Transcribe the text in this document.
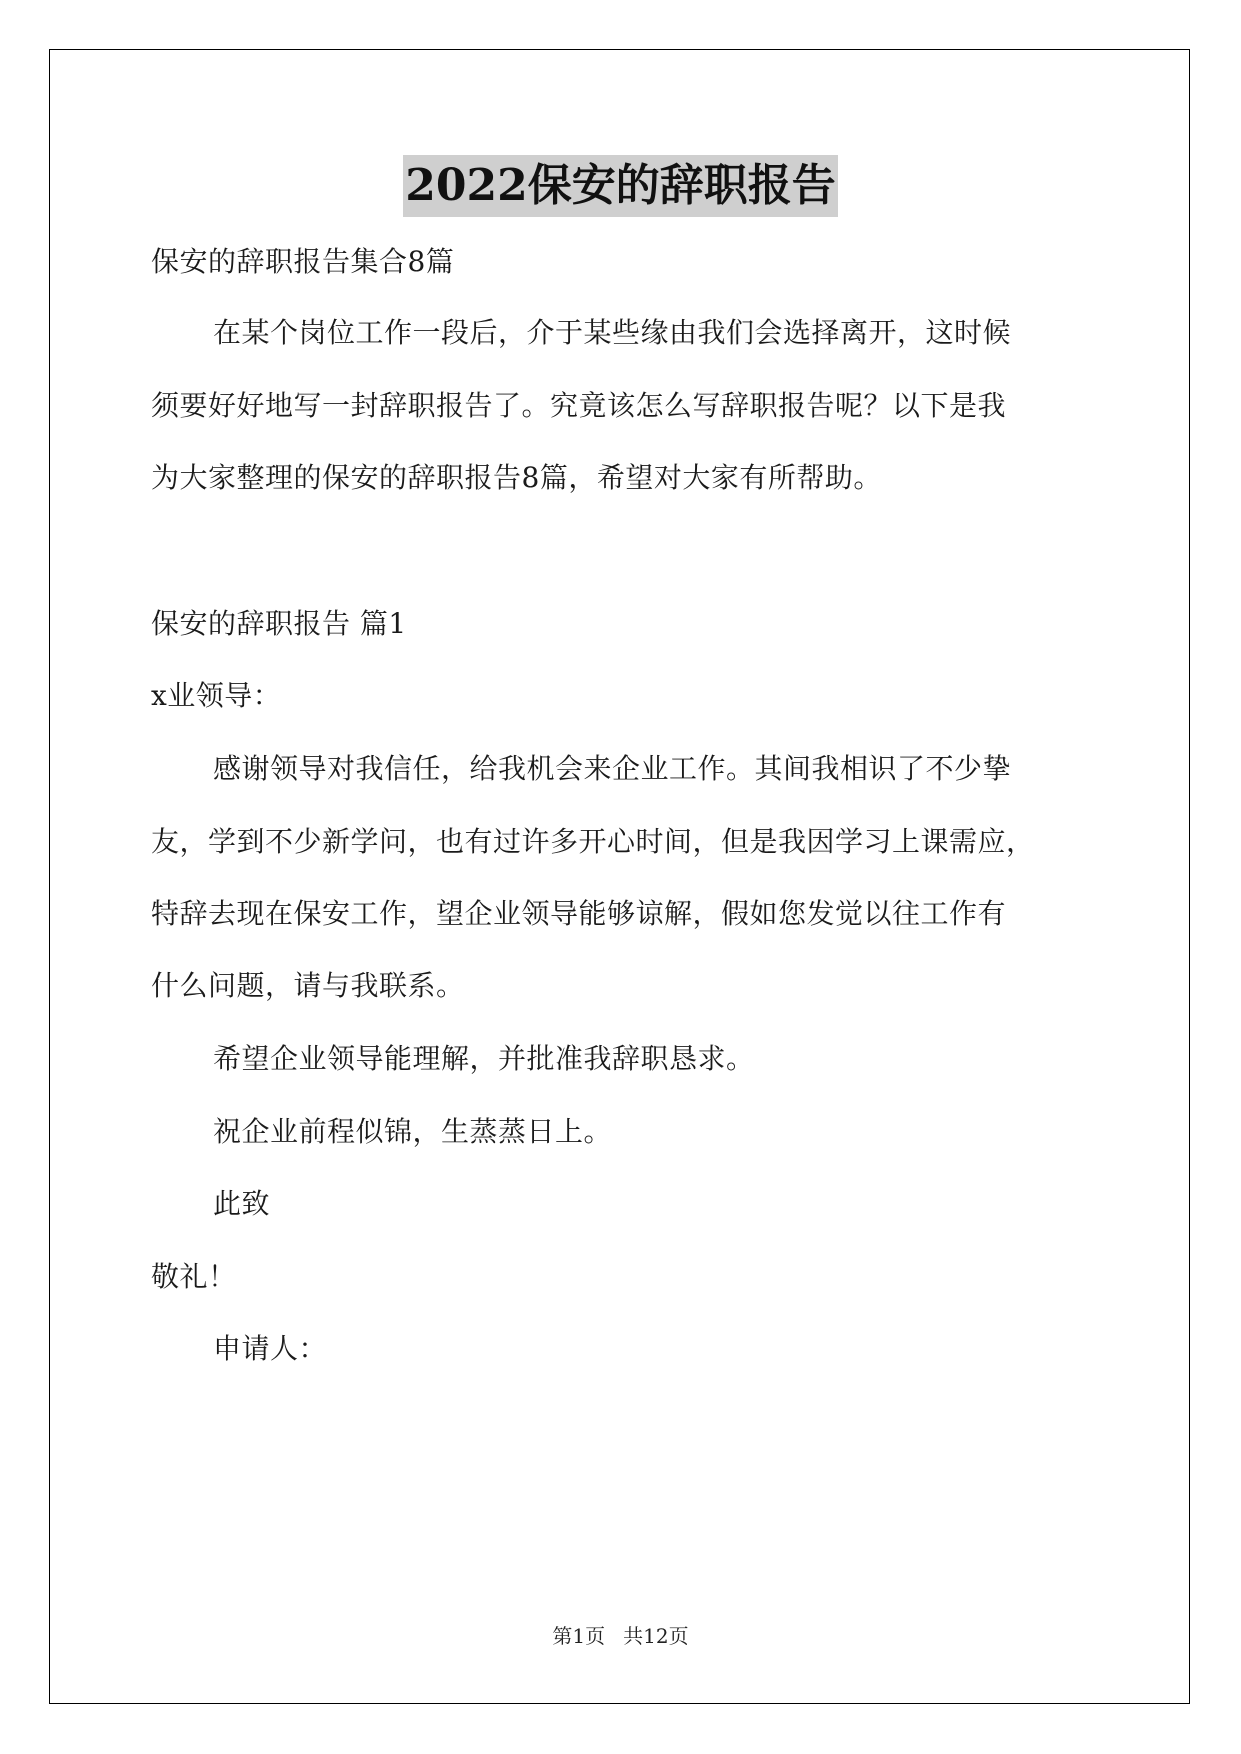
2022保安的辞职报告
保安的辞职报告集合8篇
在某个岗位工作一段后，介于某些缘由我们会选择离开，这时候
须要好好地写一封辞职报告了。究竟该怎么写辞职报告呢？以下是我
为大家整理的保安的辞职报告8篇，希望对大家有所帮助。
保安的辞职报告 篇1
x业领导：
感谢领导对我信任，给我机会来企业工作。其间我相识了不少挚
友，学到不少新学问，也有过许多开心时间，但是我因学习上课需应，
特辞去现在保安工作，望企业领导能够谅解，假如您发觉以往工作有
什么问题，请与我联系。
希望企业领导能理解，并批准我辞职恳求。
祝企业前程似锦，生蒸蒸日上。
此致
敬礼！
申请人：
第1页 共12页
